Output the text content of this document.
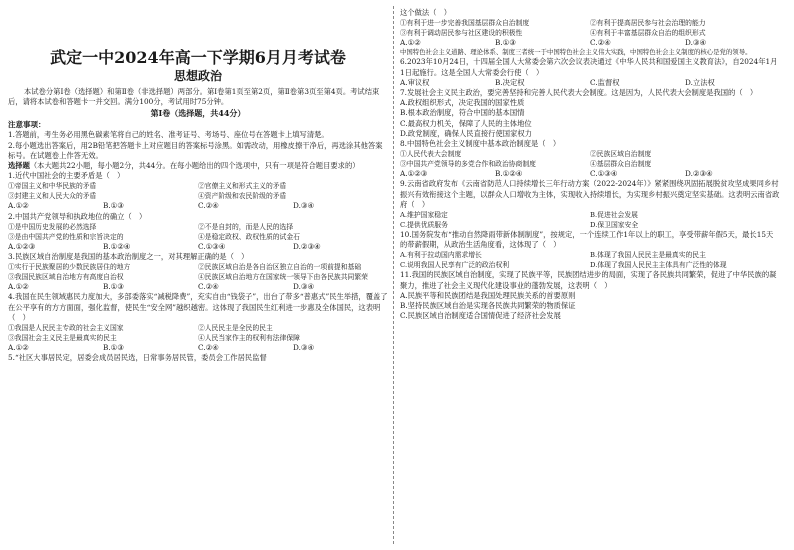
武定一中2024年高一下学期6月月考试卷
思想政治

本试卷分第Ⅰ卷（选择题）和第Ⅱ卷（非选择题）两部分。第Ⅰ卷第1页至第2页，第Ⅱ卷第3页至第4页。考试结束后，请将本试卷和答题卡一并交回。满分100分，考试用时75分钟。

第Ⅰ卷（选择题，共44分）
注意事项：

1.答题前，考生务必用黑色碳素笔将自己的姓名、准考证号、考场号、座位号在答题卡上填写清楚。

2.每小题选出答案后，用2B铅笔把答题卡上对应题目的答案标号涂黑。如需改动，用橡皮擦干净后，再选涂其他答案标号。在试题卷上作答无效。

选择题（本大题共22小题，每小题2分，共44分。在每小题给出的四个选项中，只有一项是符合题目要求的）

1.近代中国社会的主要矛盾是（　）

①帝国主义和中华民族的矛盾	②官僚主义和形式主义的矛盾
③封建主义和人民大众的矛盾	④资产阶级和农民阶级的矛盾
A.①②	B.①③	C.②④	D.③④

2.中国共产党领导和执政地位的确立（　）

①是中国历史发展的必然选择	②不是自封的，而是人民的选择
③是由中国共产党的性质和宗旨决定的	④是稳定政权、政权性质的试金石
A.①②③	B.①②④	C.①③④	D.②③④

3.民族区域自治制度是我国的基本政治制度之一，对其理解正确的是（　）

①实行于民族聚居的少数民族居住的地方	②民族区域自治是各自治区独立自治的一项前提和基础
③我国民族区域自治地方有高度自治权	④民族区域自治地方在国家统一领导下由各民族共同繁荣
A.①②	B.①③	C.②④	D.③④

4.我国在民生领域惠民力度加大，多部委落实“减税降费”，充实自由“钱袋子”，出台了带多“普惠式”民生举措，覆盖了在公平享有的方方面面，强化监督，使民生“安全网”越织越密。这体现了我国民生红利进一步惠及全体国民，这表明（　）

①我国是人民民主专政的社会主义国家	②人民民主是全民的民主
③我国社会主义民主是最真实的民主	④人民当家作主的权利有法律保障
A.①②	B.①③	C.②④	D.③④

5.“社区大事居民定，居委会成员居民选，日常事务居民管，委员会工作居民监督

这个做法（　）

①有利于进一步完善我国基层群众自治制度	②有利于提高居民参与社会治理的能力
③有利于调动居民参与社区建设的积极性	④有利于丰富基层群众自治的组织形式
A.①②	B.①③	C.②④	D.③④

中国特色社会主义道路、理论体系、制度三者统一于中国特色社会主义伟大实践，中国特色社会主义制度的核心是党的领导。

6.2023年10月24日，十四届全国人大常委会第六次会议表决通过《中华人民共和国爱国主义教育法》，自2024年1月1日起施行。这是全国人大常委会行使（　）

A.审议权	B.决定权	C.监督权	D.立法权

7.发展社会主义民主政治，要完善坚持和完善人民代表大会制度。这是因为，人民代表大会制度是我国的（　）

A.政权组织形式，决定我国的国家性质

B.根本政治制度，符合中国的基本国情

C.最高权力机关，保障了人民的主体地位

D.政党制度，确保人民直接行使国家权力

8.中国特色社会主义制度中基本政治制度是（　）

①人民代表大会制度	②民族区域自治制度
③中国共产党领导的多党合作和政治协商制度	④基层群众自治制度
A.①②③	B.①②④	C.①③④	D.②③④

9.云南省政府发布《云南省防范人口持续增长三年行动方案（2022-2024年）》紧紧围绕巩固拓展脱贫攻坚成果同乡村振兴有效衔接这个主题，以群众人口增收为主体，实现收入持续增长，为实现乡村振兴奠定坚实基础。这表明云南省政府（　）

A.维护国家稳定	B.促进社会发展
C.提供优质服务	D.保卫国家安全

10.国务院发布“推动自然降雨带新体制制度”，按规定，一个连续工作1年以上的职工，享受带薪年假5天，最长15天的带薪假期，从政治生活角度看，这体现了（　）

A.有利于拉动国内需求增长	B.体现了我国人民民主是最真实的民主
C.说明我国人民享有广泛的政治权利	D.体现了我国人民民主主体具有广泛性的体现

11.我国的民族区域自治制度，实现了民族平等，民族团结进步的局面，实现了各民族共同繁荣，促进了中华民族的凝聚力，推进了社会主义现代化建设事业的蓬勃发展，这表明（　）

A.民族平等和民族团结是我国处理民族关系的首要原则

B.坚持民族区域自治是实现各民族共同繁荣的物质保证

C.民族区域自治制度适合国情促进了经济社会发展
